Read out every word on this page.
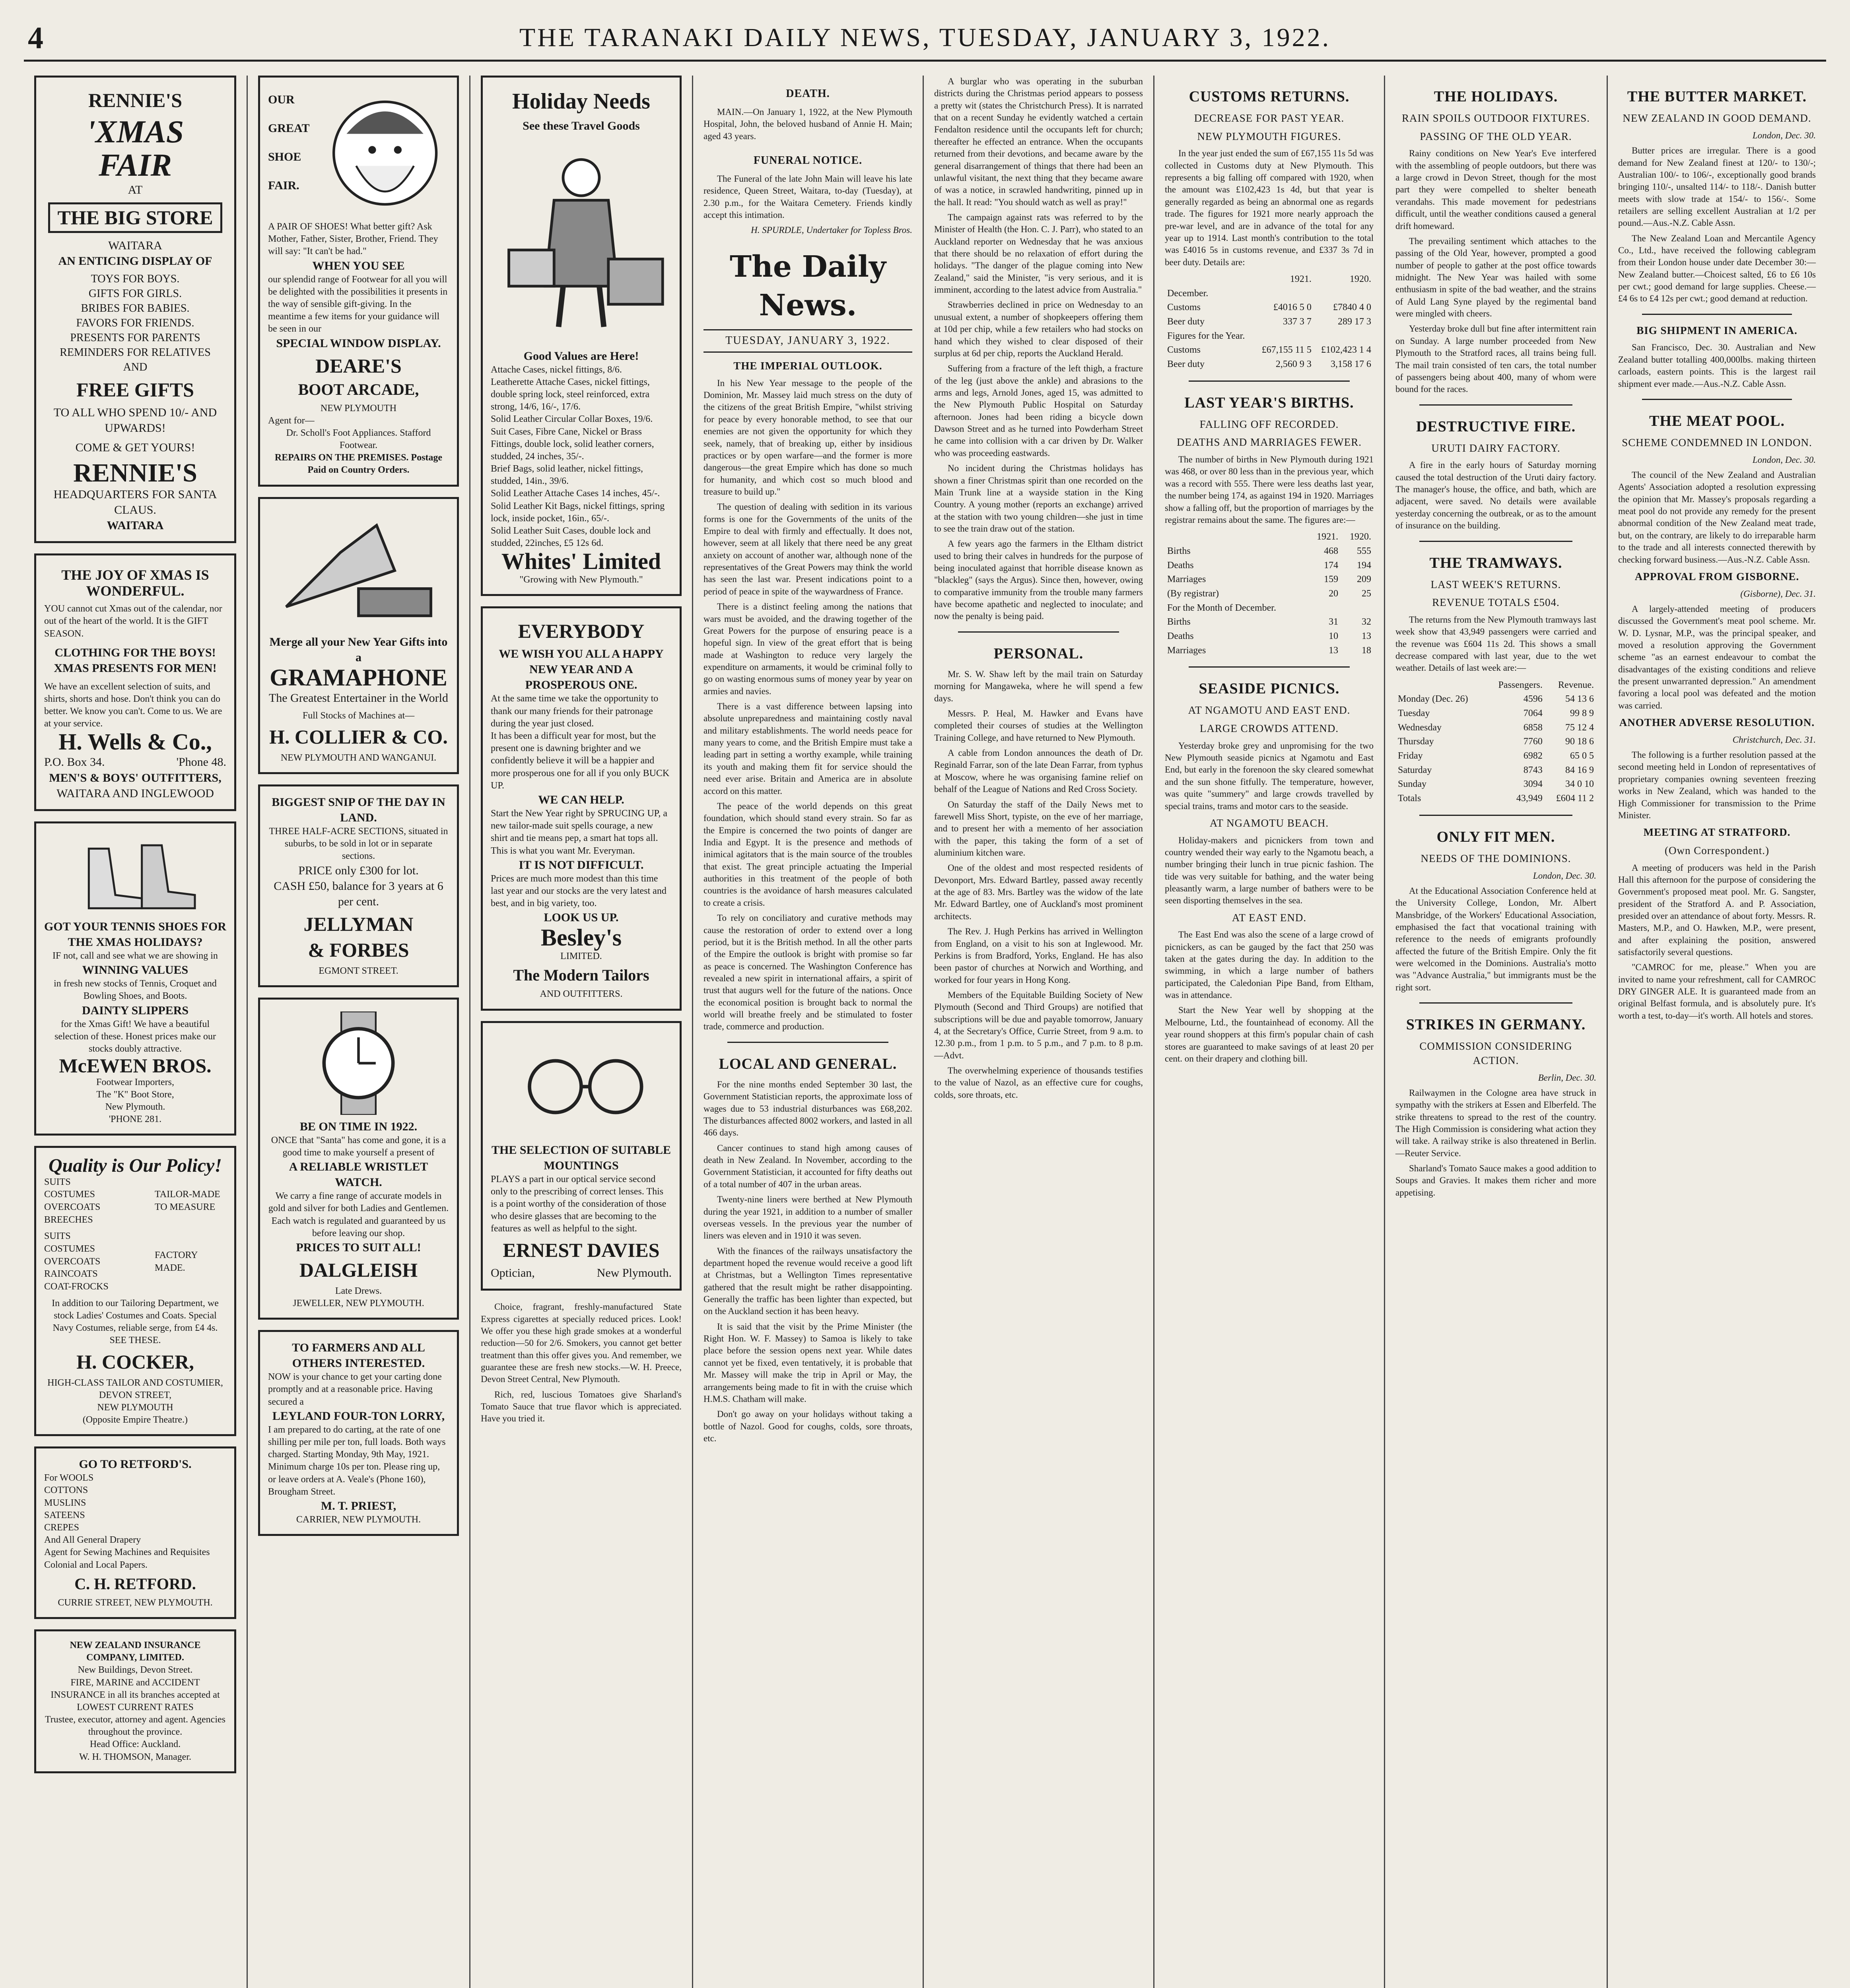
4	THE TARANAKI DAILY NEWS, TUESDAY, JANUARY 3, 1922.
RENNIE'S
'XMAS
FAIR
AT
THE BIG STORE
WAITARA
AN ENTICING DISPLAY OF
TOYS FOR BOYS.
GIFTS FOR GIRLS.
BRIBES FOR BABIES.
FAVORS FOR FRIENDS.
PRESENTS FOR PARENTS
REMINDERS FOR RELATIVES
AND
FREE GIFTS
TO ALL WHO SPEND 10/- AND UPWARDS!
COME & GET YOURS!
RENNIE'S
HEADQUARTERS FOR SANTA CLAUS.
WAITARA
THE JOY OF XMAS IS WONDERFUL.
YOU cannot cut Xmas out of the calendar, nor out of the heart of the world. It is the GIFT SEASON.
CLOTHING FOR THE BOYS! XMAS PRESENTS FOR MEN!
We have an excellent selection of suits, and shirts, shorts and hose. Don't think you can do better. We know you can't. Come to us. We are at your service.
H. Wells & Co.,
P.O. Box 34.	'Phone 48.
MEN'S & BOYS' OUTFITTERS,
WAITARA AND INGLEWOOD
GOT YOUR TENNIS SHOES FOR THE XMAS HOLIDAYS?
IF not, call and see what we are showing in
WINNING VALUES
in fresh new stocks of Tennis, Croquet and Bowling Shoes, and Boots.
DAINTY SLIPPERS
for the Xmas Gift! We have a beautiful selection of these. Honest prices make our stocks doubly attractive.
McEWEN BROS.
Footwear Importers,
The "K" Boot Store,
New Plymouth.
'PHONE 281.
Quality is Our Policy!
SUITS
COSTUMES
OVERCOATS
BREECHES
TAILOR-MADE TO MEASURE
SUITS
COSTUMES
OVERCOATS
RAINCOATS
COAT-FROCKS
FACTORY MADE.
In addition to our Tailoring Department, we stock Ladies' Costumes and Coats. Special Navy Costumes, reliable serge, from £4 4s. SEE THESE.
H. COCKER,
HIGH-CLASS TAILOR AND COSTUMIER,
DEVON STREET,
NEW PLYMOUTH
(Opposite Empire Theatre.)
GO TO RETFORD'S.
For WOOLS
COTTONS
MUSLINS
SATEENS
CREPES
And All General Drapery
Agent for Sewing Machines and Requisites
Colonial and Local Papers.
C. H. RETFORD.
CURRIE STREET, NEW PLYMOUTH.
NEW ZEALAND INSURANCE COMPANY, LIMITED.
New Buildings, Devon Street.
FIRE, MARINE and ACCIDENT INSURANCE in all its branches accepted at LOWEST CURRENT RATES
Trustee, executor, attorney and agent. Agencies throughout the province.
Head Office: Auckland.
W. H. THOMSON, Manager.
OUR
GREAT
SHOE
FAIR.
A PAIR OF SHOES! What better gift? Ask Mother, Father, Sister, Brother, Friend. They will say: "It can't be had."
WHEN YOU SEE
our splendid range of Footwear for all you will be delighted with the possibilities it presents in the way of sensible gift-giving. In the meantime a few items for your guidance will be seen in our
SPECIAL WINDOW DISPLAY.
DEARE'S
BOOT ARCADE,
NEW PLYMOUTH
Agent for—
Dr. Scholl's Foot Appliances. Stafford Footwear.
REPAIRS ON THE PREMISES. Postage Paid on Country Orders.
Merge all your New Year Gifts into a
GRAMAPHONE
The Greatest Entertainer in the World
Full Stocks of Machines at—
H. COLLIER & CO.
NEW PLYMOUTH AND WANGANUI.
BIGGEST SNIP OF THE DAY IN LAND.
THREE HALF-ACRE SECTIONS, situated in suburbs, to be sold in lot or in separate sections.
PRICE only £300 for lot.
CASH £50, balance for 3 years at 6 per cent.
JELLYMAN
& FORBES
EGMONT STREET.
BE ON TIME IN 1922.
ONCE that "Santa" has come and gone, it is a good time to make yourself a present of
A RELIABLE WRISTLET WATCH.
We carry a fine range of accurate models in gold and silver for both Ladies and Gentlemen.
Each watch is regulated and guaranteed by us before leaving our shop.
PRICES TO SUIT ALL!
DALGLEISH
Late Drews.
JEWELLER, NEW PLYMOUTH.
TO FARMERS AND ALL OTHERS INTERESTED.
NOW is your chance to get your carting done promptly and at a reasonable price. Having secured a
LEYLAND FOUR-TON LORRY,
I am prepared to do carting, at the rate of one shilling per mile per ton, full loads. Both ways charged. Starting Monday, 9th May, 1921. Minimum charge 10s per ton. Please ring up, or leave orders at A. Veale's (Phone 160), Brougham Street.
M. T. PRIEST,
CARRIER, NEW PLYMOUTH.
Holiday Needs
See these Travel Goods
Good Values are Here!
Attache Cases, nickel fittings, 8/6.
Leatherette Attache Cases, nickel fittings, double spring lock, steel reinforced, extra strong, 14/6, 16/-, 17/6.
Solid Leather Circular Collar Boxes, 19/6.
Suit Cases, Fibre Cane, Nickel or Brass Fittings, double lock, solid leather corners, studded, 24 inches, 35/-.
Brief Bags, solid leather, nickel fittings, studded, 14in., 39/6.
Solid Leather Attache Cases 14 inches, 45/-.
Solid Leather Kit Bags, nickel fittings, spring lock, inside pocket, 16in., 65/-.
Solid Leather Suit Cases, double lock and studded, 22inches, £5 12s 6d.
Whites' Limited
"Growing with New Plymouth."
EVERYBODY
WE WISH YOU ALL A HAPPY NEW YEAR AND A PROSPEROUS ONE.
At the same time we take the opportunity to thank our many friends for their patronage during the year just closed.
It has been a difficult year for most, but the present one is dawning brighter and we confidently believe it will be a happier and more prosperous one for all if you only BUCK UP.
WE CAN HELP.
Start the New Year right by SPRUCING UP, a new tailor-made suit spells courage, a new shirt and tie means pep, a smart hat tops all. This is what you want Mr. Everyman.
IT IS NOT DIFFICULT.
Prices are much more modest than this time last year and our stocks are the very latest and best, and in big variety, too.
LOOK US UP.
Besley's
LIMITED.
The Modern Tailors
AND OUTFITTERS.
THE SELECTION OF SUITABLE MOUNTINGS
PLAYS a part in our optical service second only to the prescribing of correct lenses. This is a point worthy of the consideration of those who desire glasses that are becoming to the features as well as helpful to the sight.
ERNEST DAVIES
Optician,	New Plymouth.

Choice, fragrant, freshly-manufactured State Express cigarettes at specially reduced prices. Look! We offer you these high grade smokes at a wonderful reduction—50 for 2/6. Smokers, you cannot get better treatment than this offer gives you. And remember, we guarantee these are fresh new stocks.—W. H. Preece, Devon Street Central, New Plymouth.

Rich, red, luscious Tomatoes give Sharland's Tomato Sauce that true flavor which is appreciated. Have you tried it.

DEATH.

MAIN.—On January 1, 1922, at the New Plymouth Hospital, John, the beloved husband of Annie H. Main; aged 43 years.

FUNERAL NOTICE.

The Funeral of the late John Main will leave his late residence, Queen Street, Waitara, to-day (Tuesday), at 2.30 p.m., for the Waitara Cemetery. Friends kindly accept this intimation.

H. SPURDLE, Undertaker for Topless Bros.
The Daily News.
TUESDAY, JANUARY 3, 1922.
THE IMPERIAL OUTLOOK.

In his New Year message to the people of the Dominion, Mr. Massey laid much stress on the duty of the citizens of the great British Empire, "whilst striving for peace by every honorable method, to see that our enemies are not given the opportunity for which they seek, namely, that of breaking up, either by insidious practices or by open warfare—and the former is more dangerous—the great Empire which has done so much for humanity, and which cost so much blood and treasure to build up."

The question of dealing with sedition in its various forms is one for the Governments of the units of the Empire to deal with firmly and effectually. It does not, however, seem at all likely that there need be any great anxiety on account of another war, although none of the representatives of the Great Powers may think the world has seen the last war. Present indications point to a period of peace in spite of the waywardness of France.

There is a distinct feeling among the nations that wars must be avoided, and the drawing together of the Great Powers for the purpose of ensuring peace is a hopeful sign. In view of the great effort that is being made at Washington to reduce very largely the expenditure on armaments, it would be criminal folly to go on wasting enormous sums of money year by year on armies and navies.

There is a vast difference between lapsing into absolute unpreparedness and maintaining costly naval and military establishments. The world needs peace for many years to come, and the British Empire must take a leading part in setting a worthy example, while training its youth and making them fit for service should the need ever arise. Britain and America are in absolute accord on this matter.

The peace of the world depends on this great foundation, which should stand every strain. So far as the Empire is concerned the two points of danger are India and Egypt. It is the presence and methods of inimical agitators that is the main source of the troubles that exist. The great principle actuating the Imperial authorities in this treatment of the people of both countries is the avoidance of harsh measures calculated to create a crisis.

To rely on conciliatory and curative methods may cause the restoration of order to extend over a long period, but it is the British method. In all the other parts of the Empire the outlook is bright with promise so far as peace is concerned. The Washington Conference has revealed a new spirit in international affairs, a spirit of trust that augurs well for the future of the nations. Once the economical position is brought back to normal the world will breathe freely and be stimulated to foster trade, commerce and production.

LOCAL AND GENERAL.

For the nine months ended September 30 last, the Government Statistician reports, the approximate loss of wages due to 53 industrial disturbances was £68,202. The disturbances affected 8002 workers, and lasted in all 466 days.

Cancer continues to stand high among causes of death in New Zealand. In November, according to the Government Statistician, it accounted for fifty deaths out of a total number of 407 in the urban areas.

Twenty-nine liners were berthed at New Plymouth during the year 1921, in addition to a number of smaller overseas vessels. In the previous year the number of liners was eleven and in 1910 it was seven.

With the finances of the railways unsatisfactory the department hoped the revenue would receive a good lift at Christmas, but a Wellington Times representative gathered that the result might be rather disappointing. Generally the traffic has been lighter than expected, but on the Auckland section it has been heavy.

It is said that the visit by the Prime Minister (the Right Hon. W. F. Massey) to Samoa is likely to take place before the session opens next year. While dates cannot yet be fixed, even tentatively, it is probable that Mr. Massey will make the trip in April or May, the arrangements being made to fit in with the cruise which H.M.S. Chatham will make.

Don't go away on your holidays without taking a bottle of Nazol. Good for coughs, colds, sore throats, etc.

A burglar who was operating in the suburban districts during the Christmas period appears to possess a pretty wit (states the Christchurch Press). It is narrated that on a recent Sunday he evidently watched a certain Fendalton residence until the occupants left for church; thereafter he effected an entrance. When the occupants returned from their devotions, and became aware by the general disarrangement of things that there had been an unlawful visitant, the next thing that they became aware of was a notice, in scrawled handwriting, pinned up in the hall. It read: "You should watch as well as pray!"

The campaign against rats was referred to by the Minister of Health (the Hon. C. J. Parr), who stated to an Auckland reporter on Wednesday that he was anxious that there should be no relaxation of effort during the holidays. "The danger of the plague coming into New Zealand," said the Minister, "is very serious, and it is imminent, according to the latest advice from Australia."

Strawberries declined in price on Wednesday to an unusual extent, a number of shopkeepers offering them at 10d per chip, while a few retailers who had stocks on hand which they wished to clear disposed of their surplus at 6d per chip, reports the Auckland Herald.

Suffering from a fracture of the left thigh, a fracture of the leg (just above the ankle) and abrasions to the arms and legs, Arnold Jones, aged 15, was admitted to the New Plymouth Public Hospital on Saturday afternoon. Jones had been riding a bicycle down Dawson Street and as he turned into Powderham Street he came into collision with a car driven by Dr. Walker who was proceeding eastwards.

No incident during the Christmas holidays has shown a finer Christmas spirit than one recorded on the Main Trunk line at a wayside station in the King Country. A young mother (reports an exchange) arrived at the station with two young children—she just in time to see the train draw out of the station.

A few years ago the farmers in the Eltham district used to bring their calves in hundreds for the purpose of being inoculated against that horrible disease known as "blackleg" (says the Argus). Since then, however, owing to comparative immunity from the trouble many farmers have become apathetic and neglected to inoculate; and now the penalty is being paid.

PERSONAL.

Mr. S. W. Shaw left by the mail train on Saturday morning for Mangaweka, where he will spend a few days.

Messrs. P. Heal, M. Hawker and Evans have completed their courses of studies at the Wellington Training College, and have returned to New Plymouth.

A cable from London announces the death of Dr. Reginald Farrar, son of the late Dean Farrar, from typhus at Moscow, where he was organising famine relief on behalf of the League of Nations and Red Cross Society.

On Saturday the staff of the Daily News met to farewell Miss Short, typiste, on the eve of her marriage, and to present her with a memento of her association with the paper, this taking the form of a set of aluminium kitchen ware.

One of the oldest and most respected residents of Devonport, Mrs. Edward Bartley, passed away recently at the age of 83. Mrs. Bartley was the widow of the late Mr. Edward Bartley, one of Auckland's most prominent architects.

The Rev. J. Hugh Perkins has arrived in Wellington from England, on a visit to his son at Inglewood. Mr. Perkins is from Bradford, Yorks, England. He has also been pastor of churches at Norwich and Worthing, and worked for four years in Hong Kong.

Members of the Equitable Building Society of New Plymouth (Second and Third Groups) are notified that subscriptions will be due and payable tomorrow, January 4, at the Secretary's Office, Currie Street, from 9 a.m. to 12.30 p.m., from 1 p.m. to 5 p.m., and 7 p.m. to 8 p.m.—Advt.

The overwhelming experience of thousands testifies to the value of Nazol, as an effective cure for coughs, colds, sore throats, etc.

CUSTOMS RETURNS.
DECREASE FOR PAST YEAR.
NEW PLYMOUTH FIGURES.

In the year just ended the sum of £67,155 11s 5d was collected in Customs duty at New Plymouth. This represents a big falling off compared with 1920, when the amount was £102,423 1s 4d, but that year is generally regarded as being an abnormal one as regards trade. The figures for 1921 more nearly approach the pre-war level, and are in advance of the total for any year up to 1914. Last month's contribution to the total was £4016 5s in customs revenue, and £337 3s 7d in beer duty. Details are:

	1921.	1920.
December.		
Customs	£4016 5 0	£7840 4 0
Beer duty	337 3 7	289 17 3
Figures for the Year.		
Customs	£67,155 11 5	£102,423 1 4
Beer duty	2,560 9 3	3,158 17 6
LAST YEAR'S BIRTHS.
FALLING OFF RECORDED.
DEATHS AND MARRIAGES FEWER.

The number of births in New Plymouth during 1921 was 468, or over 80 less than in the previous year, which was a record with 555. There were less deaths last year, the number being 174, as against 194 in 1920. Marriages show a falling off, but the proportion of marriages by the registrar remains about the same. The figures are:—

	1921.	1920.
Births	468	555
Deaths	174	194
Marriages	159	209
(By registrar)	20	25
For the Month of December.		
Births	31	32
Deaths	10	13
Marriages	13	18
SEASIDE PICNICS.
AT NGAMOTU AND EAST END.
LARGE CROWDS ATTEND.

Yesterday broke grey and unpromising for the two New Plymouth seaside picnics at Ngamotu and East End, but early in the forenoon the sky cleared somewhat and the sun shone fitfully. The temperature, however, was quite "summery" and large crowds travelled by special trains, trams and motor cars to the seaside.

AT NGAMOTU BEACH.

Holiday-makers and picnickers from town and country wended their way early to the Ngamotu beach, a number bringing their lunch in true picnic fashion. The tide was very suitable for bathing, and the water being pleasantly warm, a large number of bathers were to be seen disporting themselves in the sea.

AT EAST END.

The East End was also the scene of a large crowd of picnickers, as can be gauged by the fact that 250 was taken at the gates during the day. In addition to the swimming, in which a large number of bathers participated, the Caledonian Pipe Band, from Eltham, was in attendance.

Start the New Year well by shopping at the Melbourne, Ltd., the fountainhead of economy. All the year round shoppers at this firm's popular chain of cash stores are guaranteed to make savings of at least 20 per cent. on their drapery and clothing bill.

THE HOLIDAYS.
RAIN SPOILS OUTDOOR FIXTURES.
PASSING OF THE OLD YEAR.

Rainy conditions on New Year's Eve interfered with the assembling of people outdoors, but there was a large crowd in Devon Street, though for the most part they were compelled to shelter beneath verandahs. This made movement for pedestrians difficult, until the weather conditions caused a general drift homeward.

The prevailing sentiment which attaches to the passing of the Old Year, however, prompted a good number of people to gather at the post office towards midnight. The New Year was hailed with some enthusiasm in spite of the bad weather, and the strains of Auld Lang Syne played by the regimental band were mingled with cheers.

Yesterday broke dull but fine after intermittent rain on Sunday. A large number proceeded from New Plymouth to the Stratford races, all trains being full. The mail train consisted of ten cars, the total number of passengers being about 400, many of whom were bound for the races.

DESTRUCTIVE FIRE.
URUTI DAIRY FACTORY.

A fire in the early hours of Saturday morning caused the total destruction of the Uruti dairy factory. The manager's house, the office, and bath, which are adjacent, were saved. No details were available yesterday concerning the outbreak, or as to the amount of insurance on the building.

THE TRAMWAYS.
LAST WEEK'S RETURNS.
REVENUE TOTALS £504.

The returns from the New Plymouth tramways last week show that 43,949 passengers were carried and the revenue was £604 11s 2d. This shows a small decrease compared with last year, due to the wet weather. Details of last week are:—

	Passengers.	Revenue.
Monday (Dec. 26)	4596	54 13 6
Tuesday	7064	99 8 9
Wednesday	6858	75 12 4
Thursday	7760	90 18 6
Friday	6982	65 0 5
Saturday	8743	84 16 9
Sunday	3094	34 0 10
Totals	43,949	£604 11 2
ONLY FIT MEN.
NEEDS OF THE DOMINIONS.
London, Dec. 30.

At the Educational Association Conference held at the University College, London, Mr. Albert Mansbridge, of the Workers' Educational Association, emphasised the fact that vocational training with reference to the needs of emigrants profoundly affected the future of the British Empire. Only the fit were welcomed in the Dominions. Australia's motto was "Advance Australia," but immigrants must be the right sort.

STRIKES IN GERMANY.
COMMISSION CONSIDERING ACTION.
Berlin, Dec. 30.

Railwaymen in the Cologne area have struck in sympathy with the strikers at Essen and Elberfeld. The strike threatens to spread to the rest of the country. The High Commission is considering what action they will take. A railway strike is also threatened in Berlin.—Reuter Service.

Sharland's Tomato Sauce makes a good addition to Soups and Gravies. It makes them richer and more appetising.

THE BUTTER MARKET.
NEW ZEALAND IN GOOD DEMAND.
London, Dec. 30.

Butter prices are irregular. There is a good demand for New Zealand finest at 120/- to 130/-; Australian 100/- to 106/-, exceptionally good brands bringing 110/-, unsalted 114/- to 118/-. Danish butter meets with slow trade at 154/- to 156/-. Some retailers are selling excellent Australian at 1/2 per pound.—Aus.-N.Z. Cable Assn.

The New Zealand Loan and Mercantile Agency Co., Ltd., have received the following cablegram from their London house under date December 30:—New Zealand butter.—Choicest salted, £6 to £6 10s per cwt.; good demand for large supplies. Cheese.—£4 6s to £4 12s per cwt.; good demand at reduction.

BIG SHIPMENT IN AMERICA.

San Francisco, Dec. 30. Australian and New Zealand butter totalling 400,000lbs. making thirteen carloads, eastern points. This is the largest rail shipment ever made.—Aus.-N.Z. Cable Assn.

THE MEAT POOL.
SCHEME CONDEMNED IN LONDON.
London, Dec. 30.

The council of the New Zealand and Australian Agents' Association adopted a resolution expressing the opinion that Mr. Massey's proposals regarding a meat pool do not provide any remedy for the present abnormal condition of the New Zealand meat trade, but, on the contrary, are likely to do irreparable harm to the trade and all interests connected therewith by checking forward business.—Aus.-N.Z. Cable Assn.

APPROVAL FROM GISBORNE.
(Gisborne), Dec. 31.

A largely-attended meeting of producers discussed the Government's meat pool scheme. Mr. W. D. Lysnar, M.P., was the principal speaker, and moved a resolution approving the Government scheme "as an earnest endeavour to combat the disadvantages of the existing conditions and relieve the present unwarranted depression." An amendment favoring a local pool was defeated and the motion was carried.

ANOTHER ADVERSE RESOLUTION.
Christchurch, Dec. 31.

The following is a further resolution passed at the second meeting held in London of representatives of proprietary companies owning seventeen freezing works in New Zealand, which was handed to the High Commissioner for transmission to the Prime Minister.

MEETING AT STRATFORD.
(Own Correspondent.)

A meeting of producers was held in the Parish Hall this afternoon for the purpose of considering the Government's proposed meat pool. Mr. G. Sangster, president of the Stratford A. and P. Association, presided over an attendance of about forty. Messrs. R. Masters, M.P., and O. Hawken, M.P., were present, and after explaining the position, answered satisfactorily several questions.

"CAMROC for me, please." When you are invited to name your refreshment, call for CAMROC DRY GINGER ALE. It is guaranteed made from an original Belfast formula, and is absolutely pure. It's worth a test, to-day—it's worth. All hotels and stores.
